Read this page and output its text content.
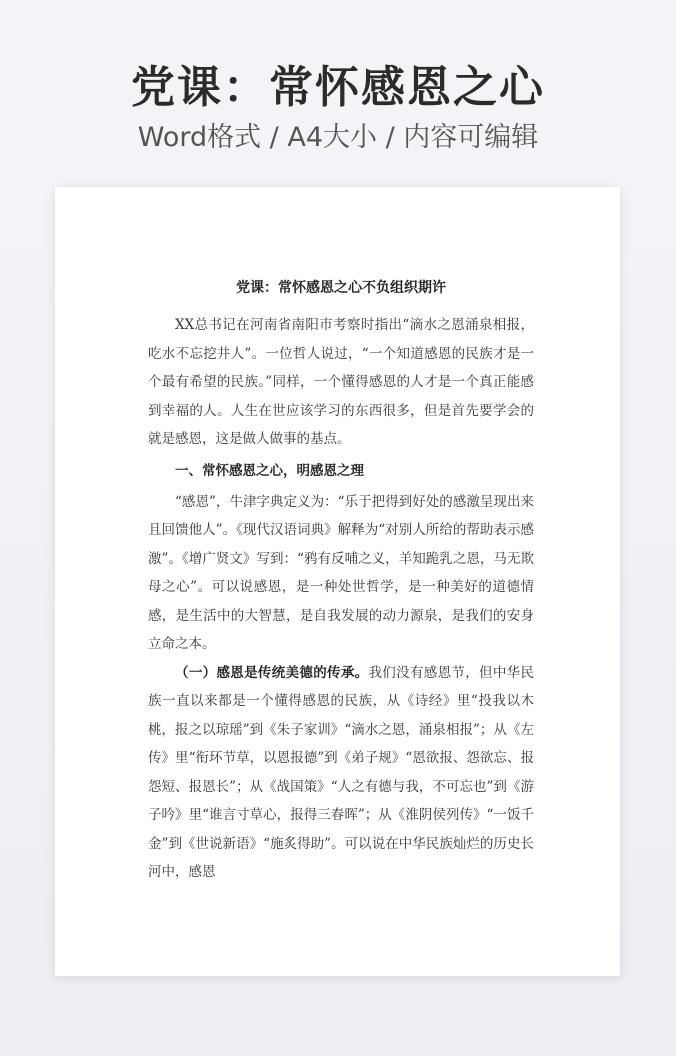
党课：常怀感恩之心
Word格式 / A4大小 / 内容可编辑
党课：常怀感恩之心不负组织期许

XX总书记在河南省南阳市考察时指出“滴水之恩涌泉相报，吃水不忘挖井人”。一位哲人说过，“一个知道感恩的民族才是一个最有希望的民族。”同样，一个懂得感恩的人才是一个真正能感到幸福的人。人生在世应该学习的东西很多，但是首先要学会的就是感恩，这是做人做事的基点。

一、常怀感恩之心，明感恩之理

“感恩”，牛津字典定义为：“乐于把得到好处的感激呈现出来且回馈他人”。《现代汉语词典》解释为“对别人所给的帮助表示感激”。《增广贤文》写到：“鸦有反哺之义，羊知跪乳之恩，马无欺母之心”。可以说感恩，是一种处世哲学，是一种美好的道德情感，是生活中的大智慧，是自我发展的动力源泉，是我们的安身立命之本。

（一）感恩是传统美德的传承。我们没有感恩节，但中华民族一直以来都是一个懂得感恩的民族，从《诗经》里“投我以木桃，报之以琼瑶”到《朱子家训》“滴水之恩，涌泉相报”；从《左传》里“衔环节草，以恩报德”到《弟子规》“恩欲报、怨欲忘、报怨短、报恩长”；从《战国策》“人之有德与我，不可忘也”到《游子吟》里“谁言寸草心，报得三春晖”；从《淮阴侯列传》“一饭千金”到《世说新语》“施炙得助”。可以说在中华民族灿烂的历史长河中，感恩
